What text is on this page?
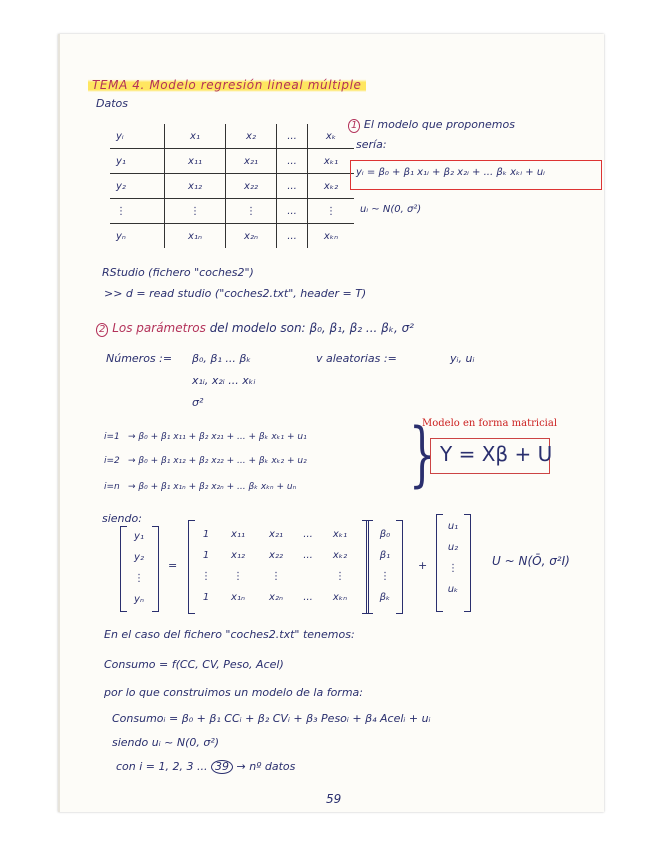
TEMA 4. Modelo regresión lineal múltiple
Datos
yᵢ	x₁	x₂	...	xₖ
y₁	x₁₁	x₂₁	...	xₖ₁
y₂	x₁₂	x₂₂	...	xₖ₂
⋮	⋮	⋮	...	⋮
yₙ	x₁ₙ	x₂ₙ	...	xₖₙ
1 El modelo que proponemos
sería:
yᵢ = β₀ + β₁ x₁ᵢ + β₂ x₂ᵢ + ... βₖ xₖᵢ + uᵢ
uᵢ ~ N(0, σ²)
RStudio (fichero "coches2")
>> d = read studio ("coches2.txt", header = T)
2 Los parámetros del modelo son: β₀, β₁, β₂ ... βₖ, σ²
Números := β₀, β₁ ... βₖ
x₁ᵢ, x₂ᵢ ... xₖᵢ
σ²
v aleatorias :=	yᵢ, uᵢ
i=1 → β₀ + β₁ x₁₁ + β₂ x₂₁ + ... + βₖ xₖ₁ + u₁
i=2 → β₀ + β₁ x₁₂ + β₂ x₂₂ + ... + βₖ xₖ₂ + u₂
i=n → β₀ + β₁ x₁ₙ + β₂ x₂ₙ + ... βₖ xₖₙ + uₙ }
Modelo en forma matricial
Y = Xβ + U
siendo:
y₁
y₂
⋮
yₙ
=
1	x₁₁	x₂₁	...	xₖ₁
1	x₁₂	x₂₂	...	xₖ₂
⋮	⋮	⋮	⋮
1	x₁ₙ	x₂ₙ	...	xₖₙ
β₀
β₁
⋮
βₖ
+
u₁
u₂
⋮
uₖ
U ~ N(Ō, σ²I)
En el caso del fichero "coches2.txt" tenemos:
Consumo = f(CC, CV, Peso, Acel)
por lo que construimos un modelo de la forma:
Consumoᵢ = β₀ + β₁ CCᵢ + β₂ CVᵢ + β₃ Pesoᵢ + β₄ Acelᵢ + uᵢ
siendo uᵢ ~ N(0, σ²)
con i = 1, 2, 3 ... 39 → nº datos
59
